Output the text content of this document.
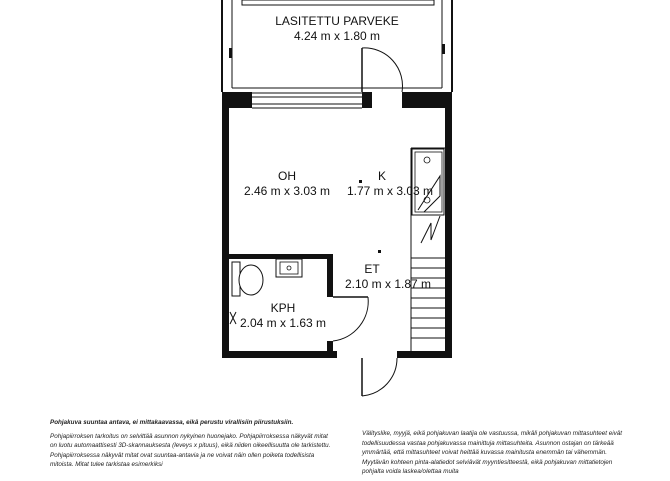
LASITETTU PARVEKE
4.24 m x 1.80 m
OH
2.46 m x 3.03 m
K
1.77 m x 3.03 m
ET
2.10 m x 1.87 m
KPH
2.04 m x 1.63 m

Pohjakuva suuntaa antava, ei mittakaavassa, eikä perustu virallisiin piirustuksiin.

Pohjapiirroksen tarkoitus on selvittää asunnon nykyinen huonejako. Pohjapiirroksessa näkyvät mitat on luotu automaattisesti 3D-skannauksesta (leveys x pituus), eikä niiden oikeellisuutta ole tarkistettu. Pohjapiirroksessa näkyvät mitat ovat suuntaa-antavia ja ne voivat näin ollen poiketa todellisista mitoista. Mitat tulee tarkistaa esimerkiksi

Välityslike, myyjä, eikä pohjakuvan laatija ole vastuussa, mikäli pohjakuvan mittasuhteet eivät todellisuudessa vastaa pohjakuvassa mainittuja mittasuhteita. Asunnon ostajan on tärkeää ymmärtää, että mittasuhteet voivat heittää kuvassa mainitusta enemmän tai vähemmän. Myytävän kohteen pinta-alatiedot selviävät myyntiesitteestä, eikä pohjakuvan mittatietojen pohjalta voida laskea/olettaa muita
